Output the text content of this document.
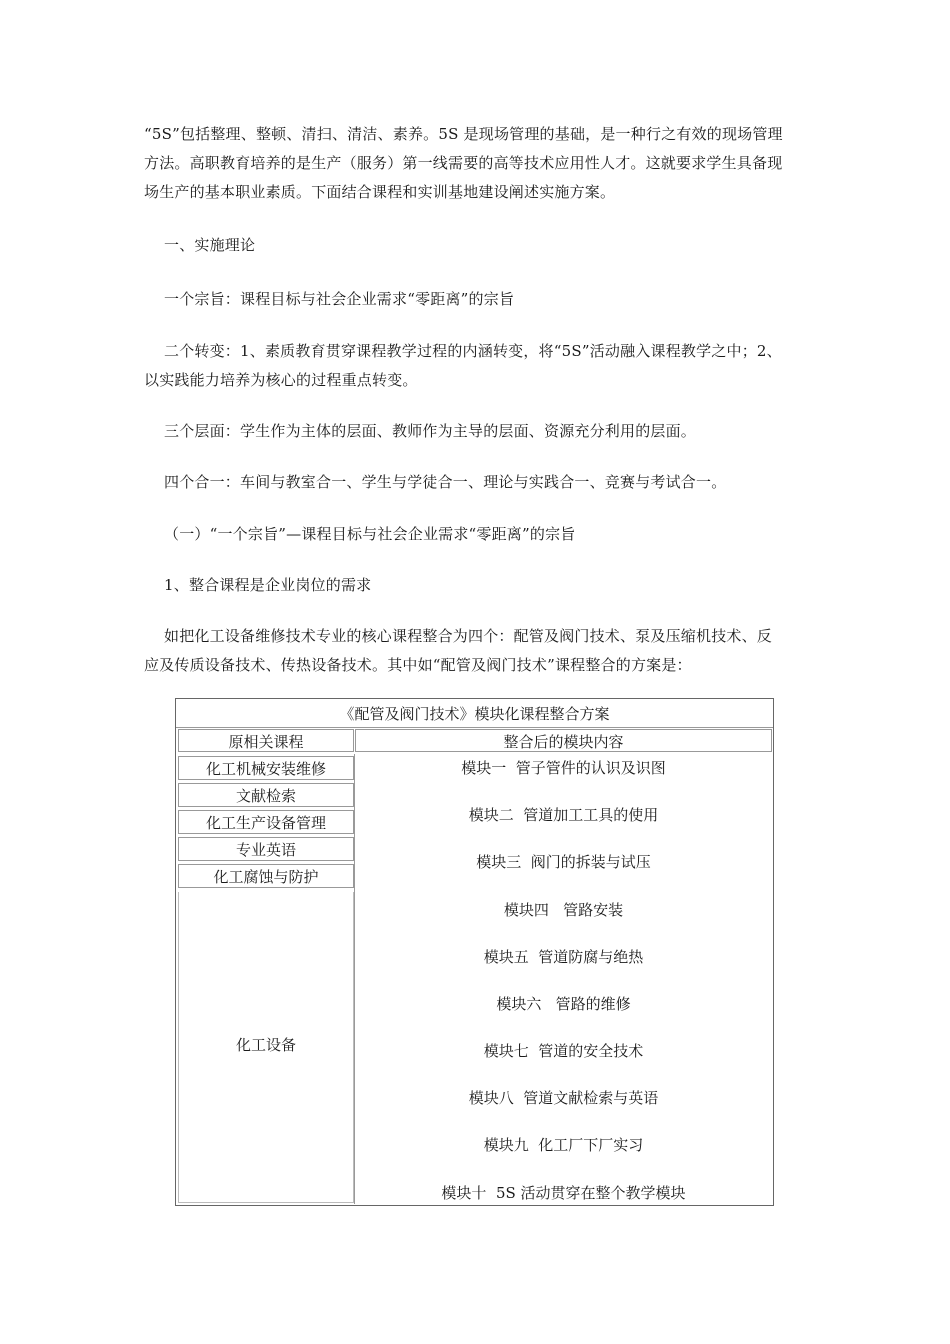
“5S”包括整理、整顿、清扫、清洁、素养。5S 是现场管理的基础，是一种行之有效的现场管理
方法。高职教育培养的是生产（服务）第一线需要的高等技术应用性人才。这就要求学生具备现
场生产的基本职业素质。下面结合课程和实训基地建设阐述实施方案。
一、实施理论
一个宗旨：课程目标与社会企业需求“零距离”的宗旨
二个转变：1、素质教育贯穿课程教学过程的内涵转变，将“5S”活动融入课程教学之中；2、
以实践能力培养为核心的过程重点转变。
三个层面：学生作为主体的层面、教师作为主导的层面、资源充分利用的层面。
四个合一：车间与教室合一、学生与学徒合一、理论与实践合一、竞赛与考试合一。
（一）“一个宗旨”—课程目标与社会企业需求“零距离”的宗旨
1、整合课程是企业岗位的需求
如把化工设备维修技术专业的核心课程整合为四个：配管及阀门技术、泵及压缩机技术、反
应及传质设备技术、传热设备技术。其中如“配管及阀门技术”课程整合的方案是：
《配管及阀门技术》模块化课程整合方案
原相关课程	整合后的模块内容
化工机械安装维修
文献检索
化工生产设备管理
专业英语
化工腐蚀与防护
化工设备
模块一  管子管件的认识及识图
模块二  管道加工工具的使用
模块三  阀门的拆装与试压
模块四   管路安装
模块五  管道防腐与绝热
模块六   管路的维修
模块七  管道的安全技术
模块八  管道文献检索与英语
模块九  化工厂下厂实习
模块十  5S 活动贯穿在整个教学模块
